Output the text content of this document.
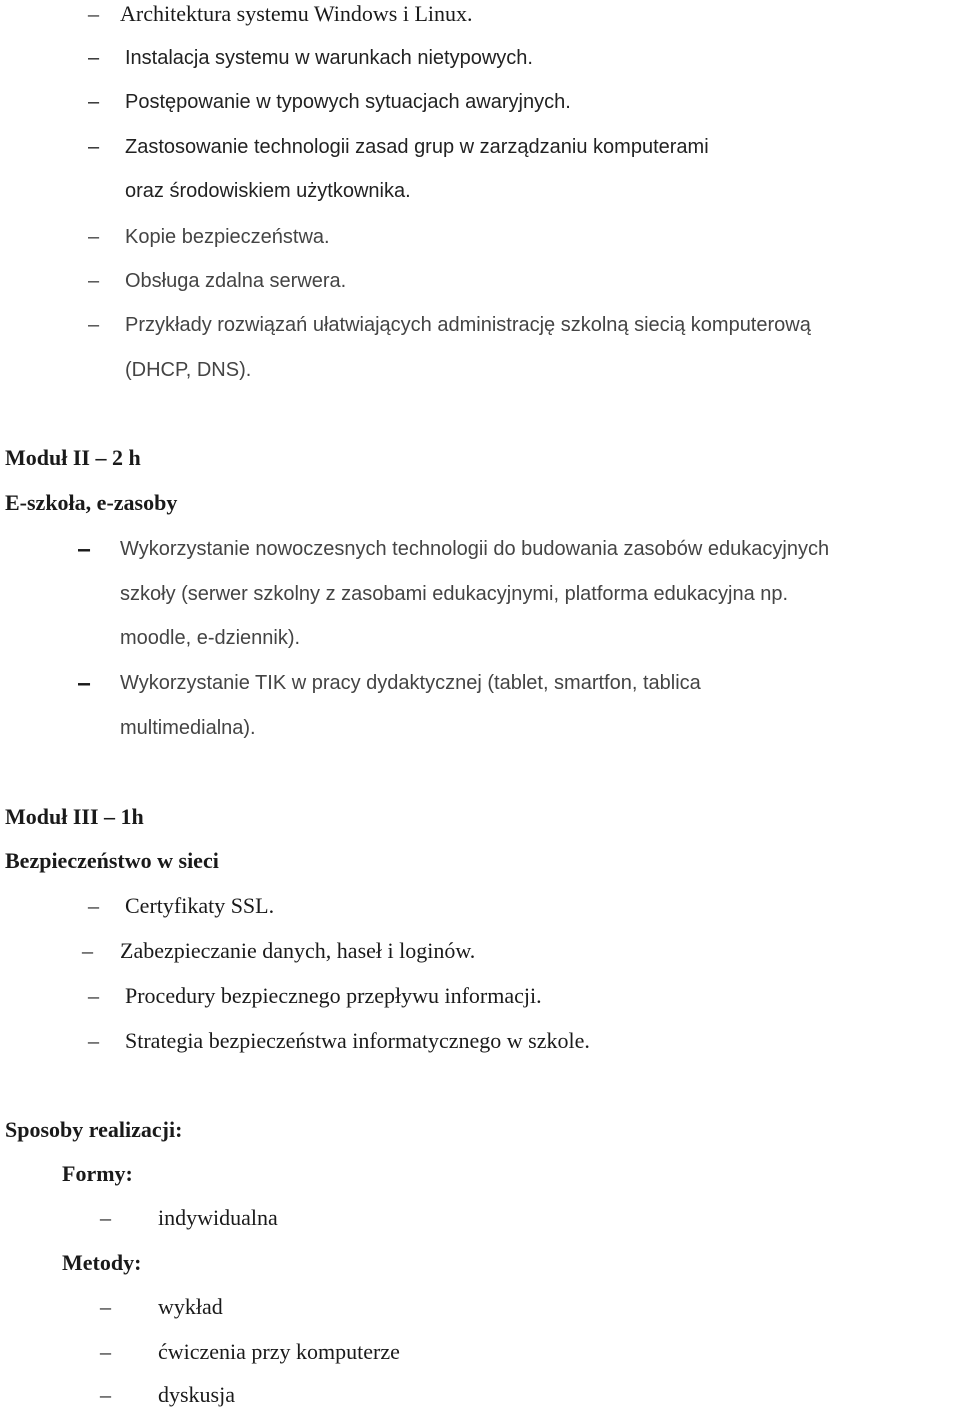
– Architektura systemu Windows i Linux.
– Instalacja systemu w warunkach nietypowych.
– Postępowanie w typowych sytuacjach awaryjnych.
– Zastosowanie technologii zasad grup w zarządzaniu komputerami
oraz środowiskiem użytkownika.
– Kopie bezpieczeństwa.
– Obsługa zdalna serwera.
– Przykłady rozwiązań ułatwiających administrację szkolną siecią komputerową
(DHCP, DNS).
Moduł II – 2 h
E-szkoła, e-zasoby
– Wykorzystanie nowoczesnych technologii do budowania zasobów edukacyjnych
szkoły (serwer szkolny z zasobami edukacyjnymi, platforma edukacyjna np.
moodle, e-dziennik).
– Wykorzystanie TIK w pracy dydaktycznej (tablet, smartfon, tablica
multimedialna).
Moduł III – 1h
Bezpieczeństwo w sieci
– Certyfikaty SSL.
– Zabezpieczanie danych, haseł i loginów.
– Procedury bezpiecznego przepływu informacji.
– Strategia bezpieczeństwa informatycznego w szkole.
Sposoby realizacji:
Formy:
– indywidualna
Metody:
– wykład
– ćwiczenia przy komputerze
– dyskusja
